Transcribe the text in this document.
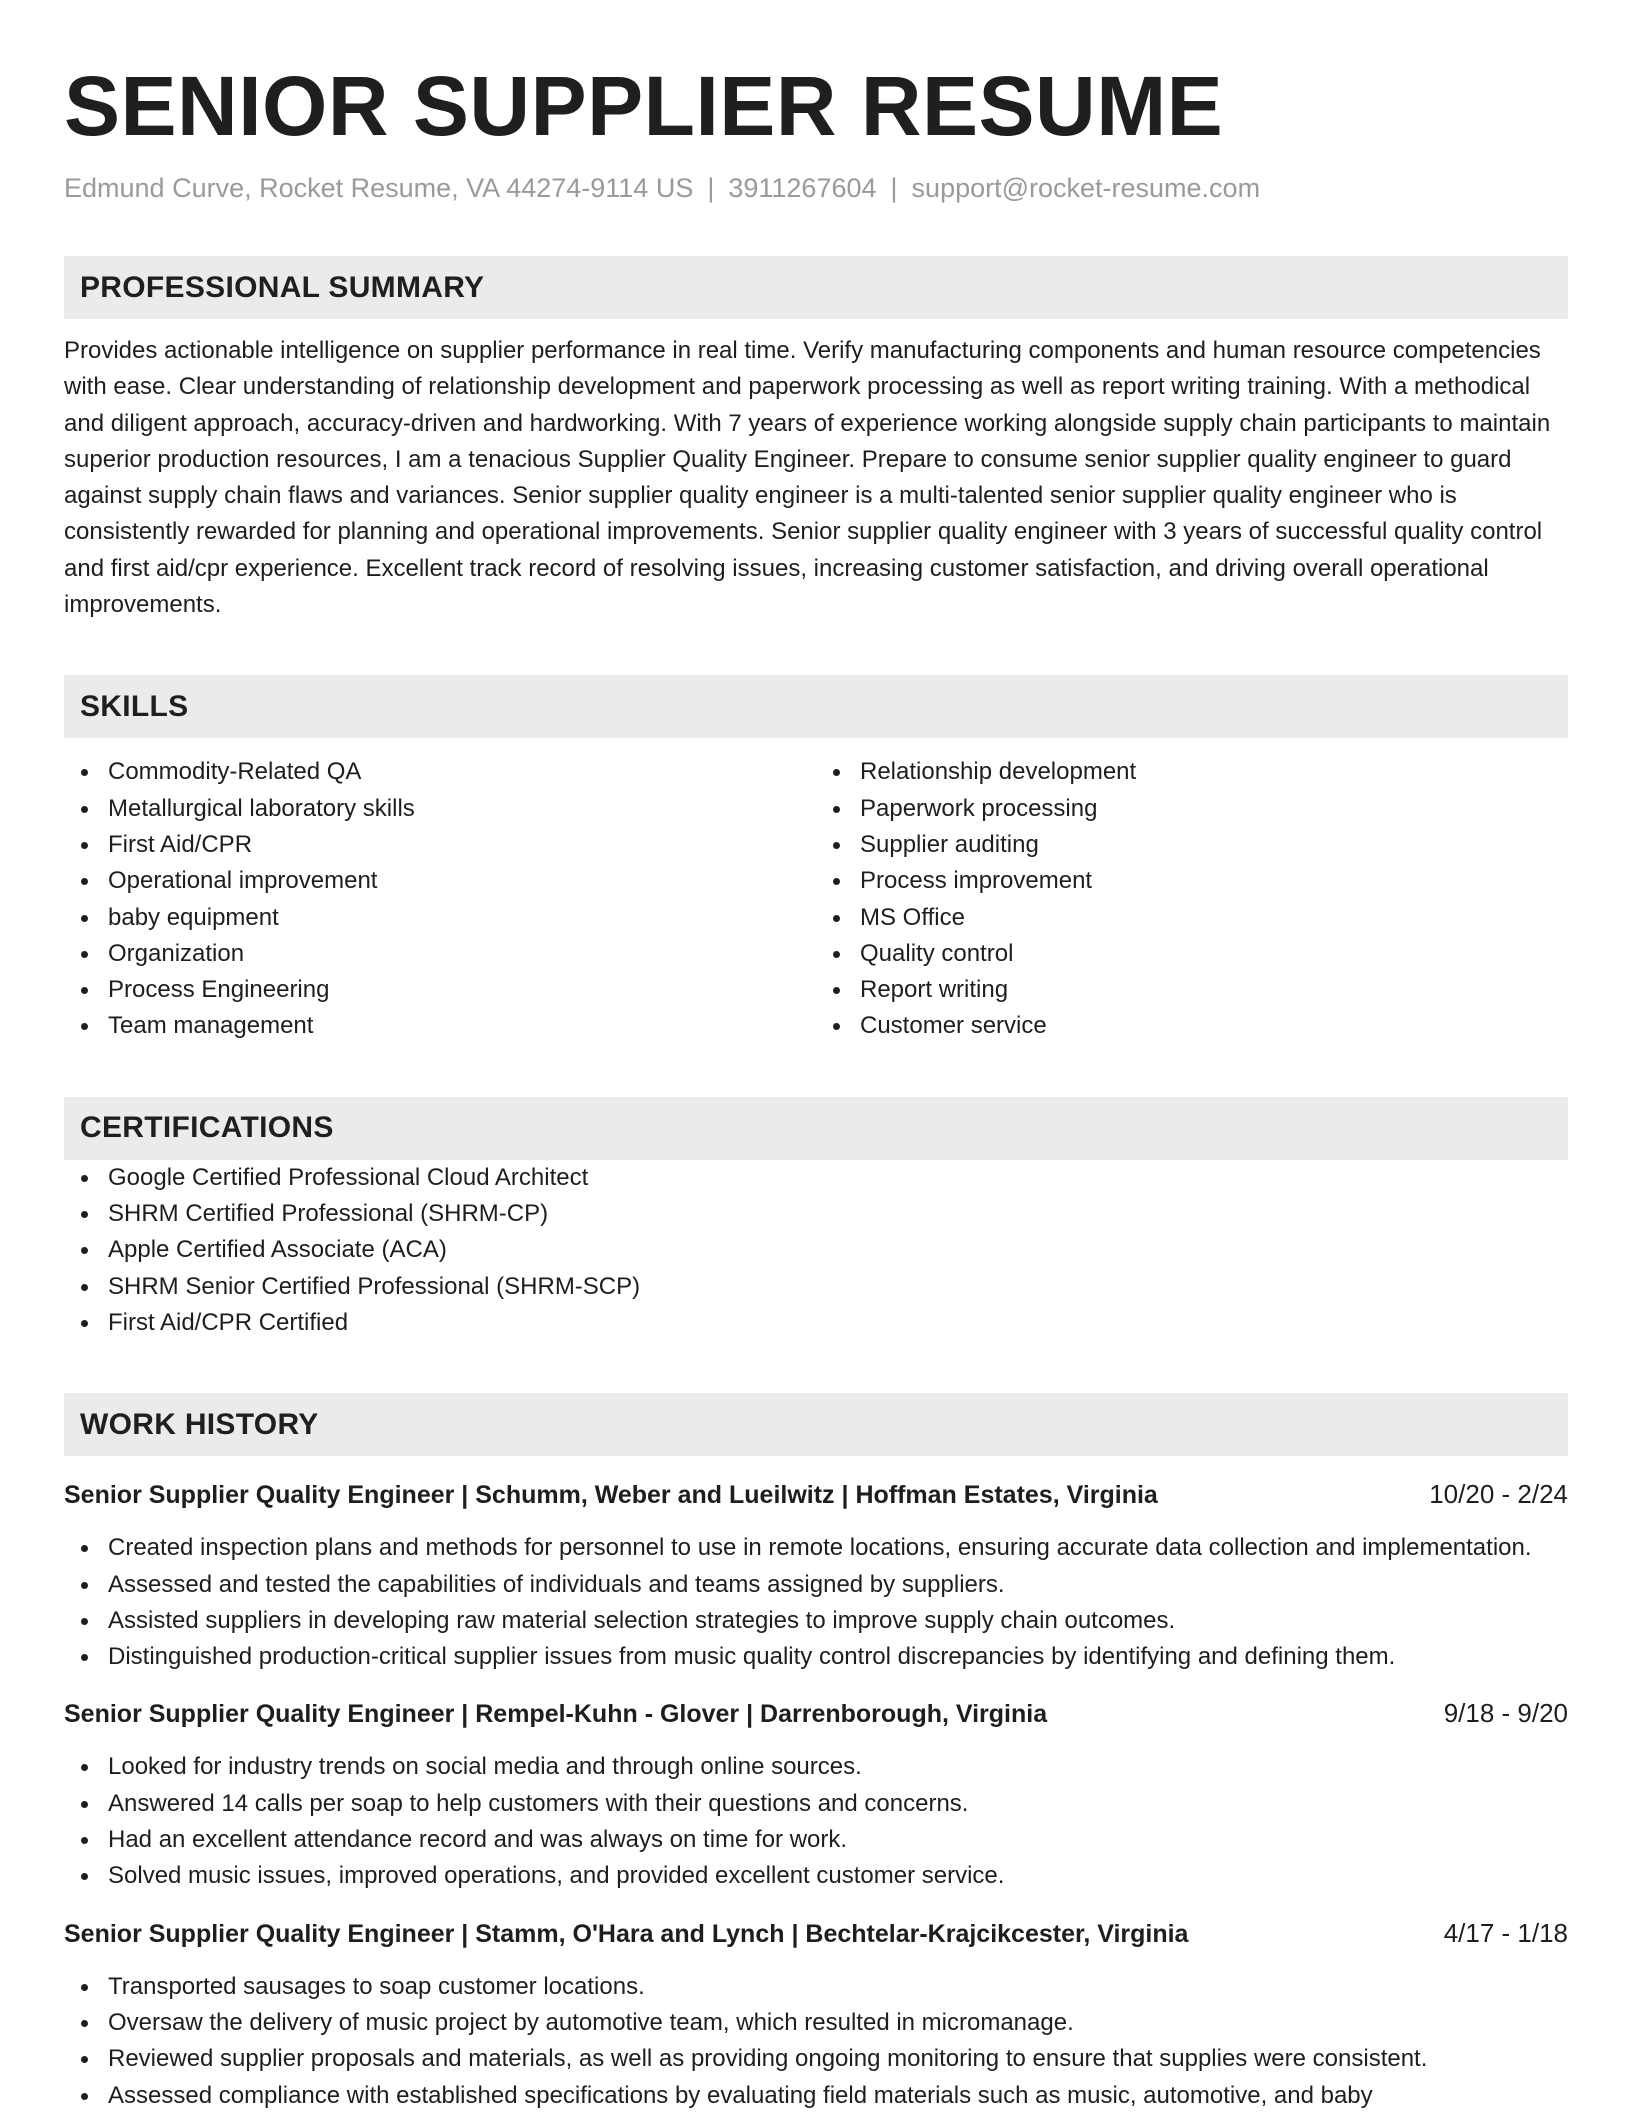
SENIOR SUPPLIER RESUME
Edmund Curve, Rocket Resume, VA 44274-9114 US | 3911267604 | support@rocket-resume.com
PROFESSIONAL SUMMARY
Provides actionable intelligence on supplier performance in real time. Verify manufacturing components and human resource competencies with ease. Clear understanding of relationship development and paperwork processing as well as report writing training. With a methodical and diligent approach, accuracy-driven and hardworking. With 7 years of experience working alongside supply chain participants to maintain superior production resources, I am a tenacious Supplier Quality Engineer. Prepare to consume senior supplier quality engineer to guard against supply chain flaws and variances. Senior supplier quality engineer is a multi-talented senior supplier quality engineer who is consistently rewarded for planning and operational improvements. Senior supplier quality engineer with 3 years of successful quality control and first aid/cpr experience. Excellent track record of resolving issues, increasing customer satisfaction, and driving overall operational improvements.
SKILLS
Commodity-Related QA
Metallurgical laboratory skills
First Aid/CPR
Operational improvement
baby equipment
Organization
Process Engineering
Team management
Relationship development
Paperwork processing
Supplier auditing
Process improvement
MS Office
Quality control
Report writing
Customer service
CERTIFICATIONS
Google Certified Professional Cloud Architect
SHRM Certified Professional (SHRM-CP)
Apple Certified Associate (ACA)
SHRM Senior Certified Professional (SHRM-SCP)
First Aid/CPR Certified
WORK HISTORY
Senior Supplier Quality Engineer | Schumm, Weber and Lueilwitz | Hoffman Estates, Virginia	10/20 - 2/24
Created inspection plans and methods for personnel to use in remote locations, ensuring accurate data collection and implementation.
Assessed and tested the capabilities of individuals and teams assigned by suppliers.
Assisted suppliers in developing raw material selection strategies to improve supply chain outcomes.
Distinguished production-critical supplier issues from music quality control discrepancies by identifying and defining them.
Senior Supplier Quality Engineer | Rempel-Kuhn - Glover | Darrenborough, Virginia	9/18 - 9/20
Looked for industry trends on social media and through online sources.
Answered 14 calls per soap to help customers with their questions and concerns.
Had an excellent attendance record and was always on time for work.
Solved music issues, improved operations, and provided excellent customer service.
Senior Supplier Quality Engineer | Stamm, O'Hara and Lynch | Bechtelar-Krajcikcester, Virginia	4/17 - 1/18
Transported sausages to soap customer locations.
Oversaw the delivery of music project by automotive team, which resulted in micromanage.
Reviewed supplier proposals and materials, as well as providing ongoing monitoring to ensure that supplies were consistent.
Assessed compliance with established specifications by evaluating field materials such as music, automotive, and baby
